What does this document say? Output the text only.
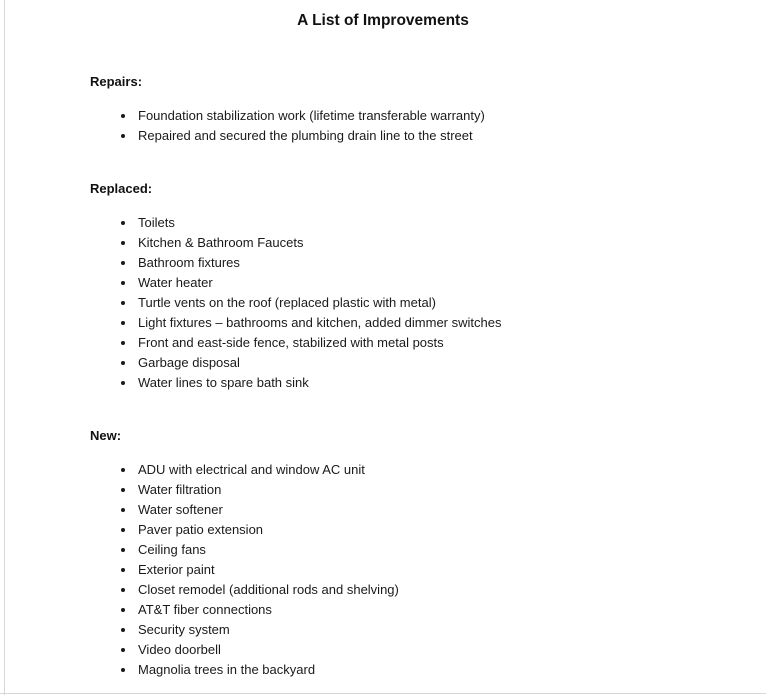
A List of Improvements
Repairs:
• Foundation stabilization work (lifetime transferable warranty)
• Repaired and secured the plumbing drain line to the street
Replaced:
• Toilets
• Kitchen & Bathroom Faucets
• Bathroom fixtures
• Water heater
• Turtle vents on the roof (replaced plastic with metal)
• Light fixtures – bathrooms and kitchen, added dimmer switches
• Front and east-side fence, stabilized with metal posts
• Garbage disposal
• Water lines to spare bath sink
New:
• ADU with electrical and window AC unit
• Water filtration
• Water softener
• Paver patio extension
• Ceiling fans
• Exterior paint
• Closet remodel (additional rods and shelving)
• AT&T fiber connections
• Security system
• Video doorbell
• Magnolia trees in the backyard
